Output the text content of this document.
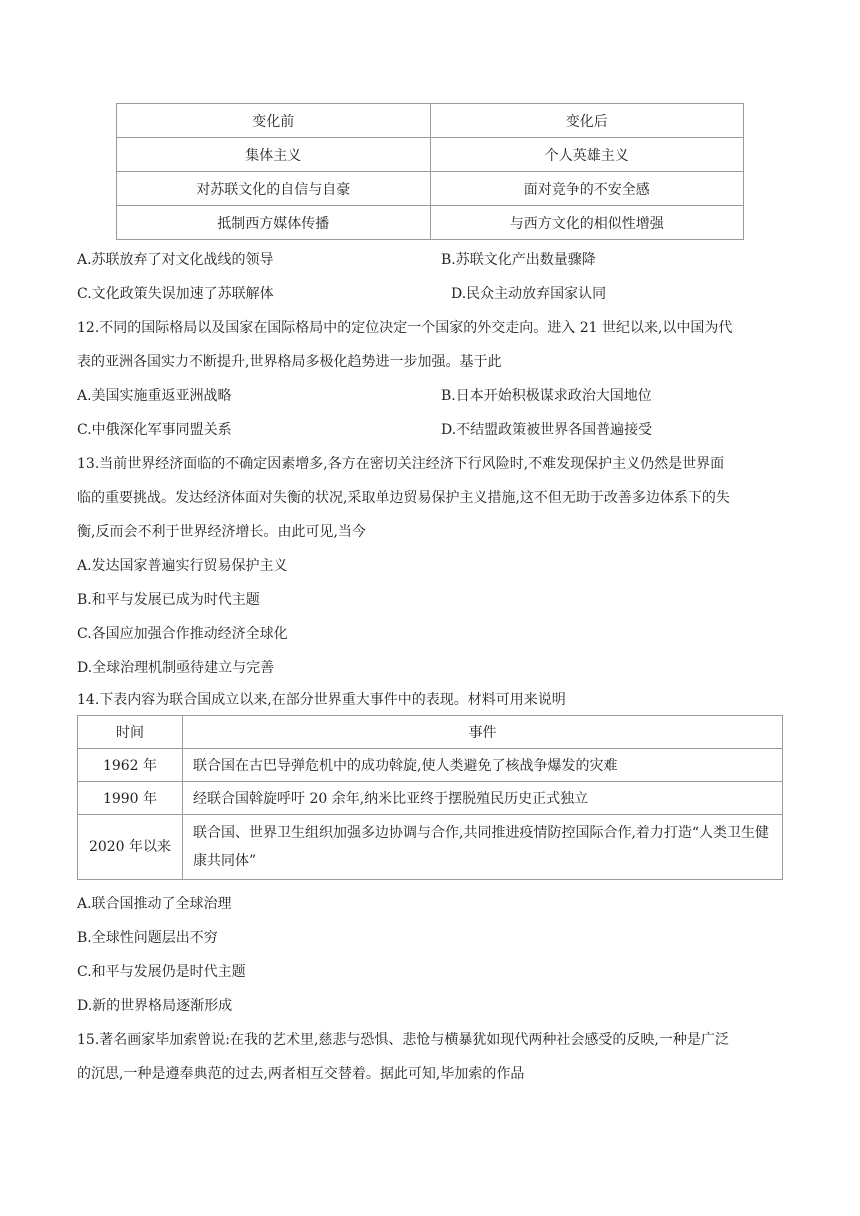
变化前	变化后
集体主义	个人英雄主义
对苏联文化的自信与自豪	面对竞争的不安全感
抵制西方媒体传播	与西方文化的相似性增强
A.苏联放弃了对文化战线的领导	B.苏联文化产出数量骤降
C.文化政策失误加速了苏联解体	D.民众主动放弃国家认同
12.不同的国际格局以及国家在国际格局中的定位决定一个国家的外交走向。进入 21 世纪以来,以中国为代
表的亚洲各国实力不断提升,世界格局多极化趋势进一步加强。基于此
A.美国实施重返亚洲战略	B.日本开始积极谋求政治大国地位
C.中俄深化军事同盟关系	D.不结盟政策被世界各国普遍接受
13.当前世界经济面临的不确定因素增多,各方在密切关注经济下行风险时,不难发现保护主义仍然是世界面
临的重要挑战。发达经济体面对失衡的状况,采取单边贸易保护主义措施,这不但无助于改善多边体系下的失
衡,反而会不利于世界经济增长。由此可见,当今
A.发达国家普遍实行贸易保护主义
B.和平与发展已成为时代主题
C.各国应加强合作推动经济全球化
D.全球治理机制亟待建立与完善
14.下表内容为联合国成立以来,在部分世界重大事件中的表现。材料可用来说明
时间	事件
1962 年	联合国在古巴导弹危机中的成功斡旋,使人类避免了核战争爆发的灾难
1990 年	经联合国斡旋呼吁 20 余年,纳米比亚终于摆脱殖民历史正式独立
2020 年以来	联合国、世界卫生组织加强多边协调与合作,共同推进疫情防控国际合作,着力打造“人类卫生健康共同体”
A.联合国推动了全球治理
B.全球性问题层出不穷
C.和平与发展仍是时代主题
D.新的世界格局逐渐形成
15.著名画家毕加索曾说:在我的艺术里,慈悲与恐惧、悲怆与横暴犹如现代两种社会感受的反映,一种是广泛
的沉思,一种是遵奉典范的过去,两者相互交替着。据此可知,毕加索的作品
